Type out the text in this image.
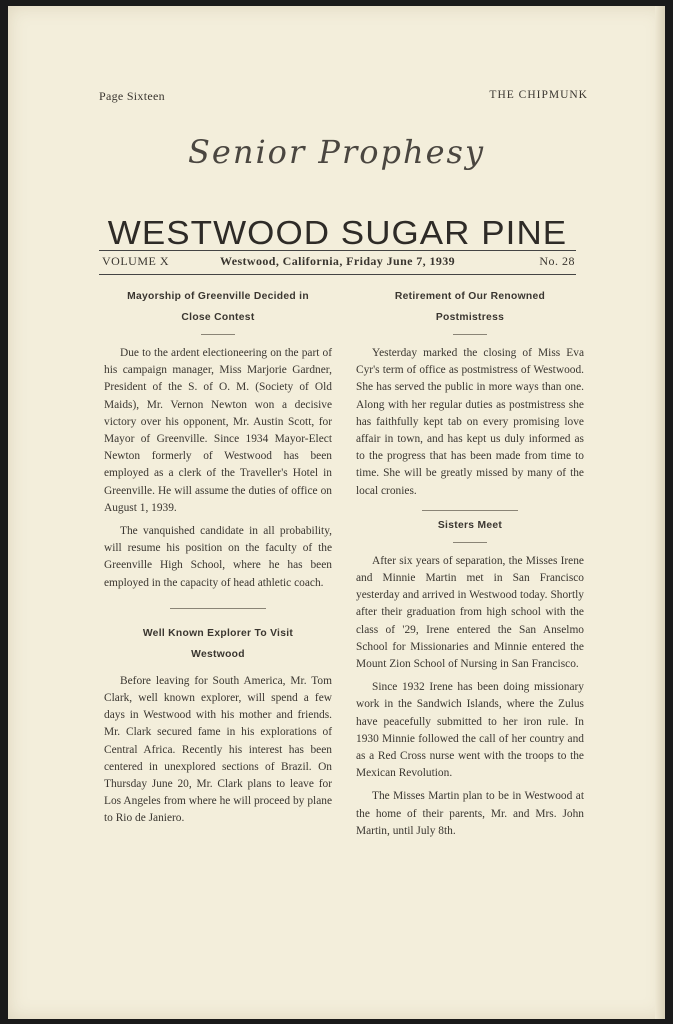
Page Sixteen	THE CHIPMUNK
Senior Prophesy
WESTWOOD SUGAR PINE
VOLUME X	Westwood, California, Friday June 7, 1939	No. 28

Mayorship of Greenville Decided in
Close Contest

Due to the ardent electioneering on the part of his campaign manager, Miss Marjorie Gardner, President of the S. of O. M. (Society of Old Maids), Mr. Vernon Newton won a decisive victory over his opponent, Mr. Austin Scott, for Mayor of Greenville. Since 1934 Mayor-Elect Newton formerly of Westwood has been employed as a clerk of the Traveller's Hotel in Greenville. He will assume the duties of office on August 1, 1939.

The vanquished candidate in all probability, will resume his position on the faculty of the Greenville High School, where he has been employed in the capacity of head athletic coach.

Well Known Explorer To Visit
Westwood

Before leaving for South America, Mr. Tom Clark, well known explorer, will spend a few days in Westwood with his mother and friends. Mr. Clark secured fame in his explorations of Central Africa. Recently his interest has been centered in unexplored sections of Brazil. On Thursday June 20, Mr. Clark plans to leave for Los Angeles from where he will proceed by plane to Rio de Janiero.

Retirement of Our Renowned
Postmistress

Yesterday marked the closing of Miss Eva Cyr's term of office as postmistress of Westwood. She has served the public in more ways than one. Along with her regular duties as postmistress she has faithfully kept tab on every promising love affair in town, and has kept us duly informed as to the progress that has been made from time to time. She will be greatly missed by many of the local cronies.

Sisters Meet

After six years of separation, the Misses Irene and Minnie Martin met in San Francisco yesterday and arrived in Westwood today. Shortly after their graduation from high school with the class of '29, Irene entered the San Anselmo School for Missionaries and Minnie entered the Mount Zion School of Nursing in San Francisco.

Since 1932 Irene has been doing missionary work in the Sandwich Islands, where the Zulus have peacefully submitted to her iron rule. In 1930 Minnie followed the call of her country and as a Red Cross nurse went with the troops to the Mexican Revolution.

The Misses Martin plan to be in Westwood at the home of their parents, Mr. and Mrs. John Martin, until July 8th.
